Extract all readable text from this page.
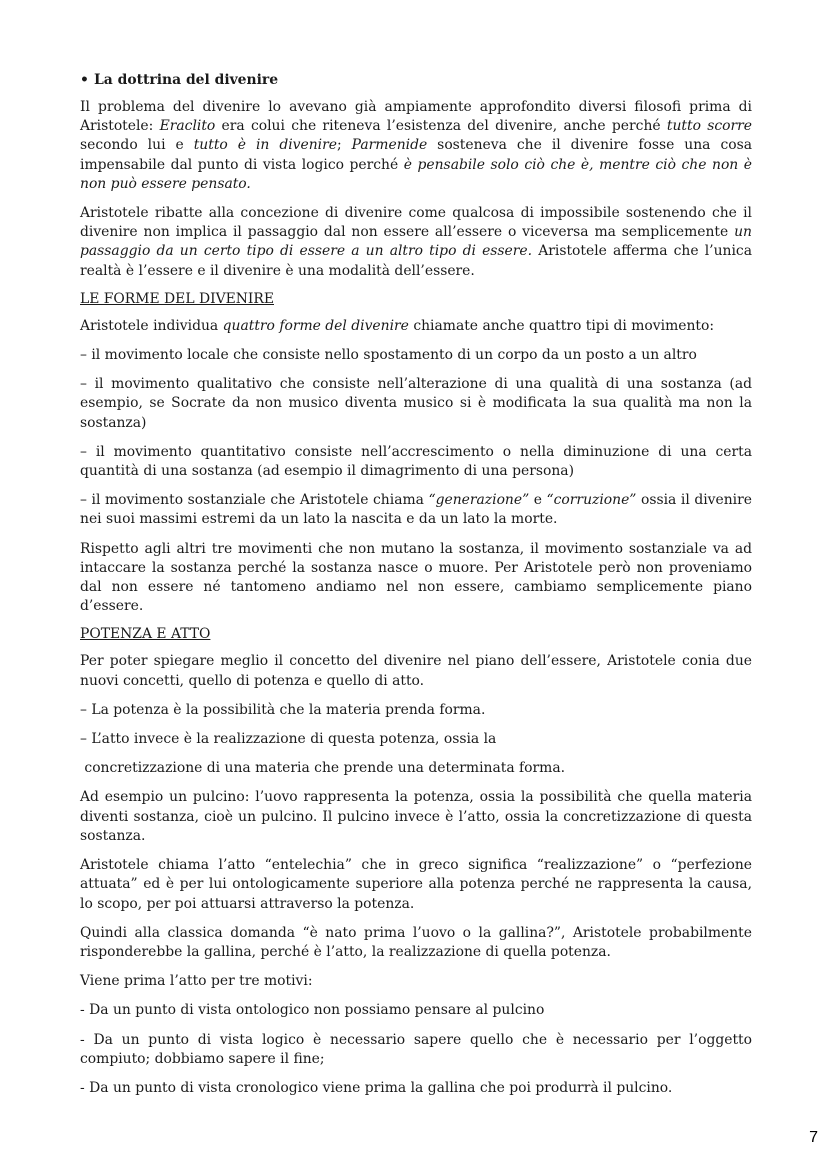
• La dottrina del divenire

Il problema del divenire lo avevano già ampiamente approfondito diversi filosofi prima di Aristotele: Eraclito era colui che riteneva l’esistenza del divenire, anche perché tutto scorre secondo lui e tutto è in divenire; Parmenide sosteneva che il divenire fosse una cosa impensabile dal punto di vista logico perché è pensabile solo ciò che è, mentre ciò che non è non può essere pensato.

Aristotele ribatte alla concezione di divenire come qualcosa di impossibile sostenendo che il divenire non implica il passaggio dal non essere all’essere o viceversa ma semplicemente un passaggio da un certo tipo di essere a un altro tipo di essere. Aristotele afferma che l’unica realtà è l’essere e il divenire è una modalità dell’essere.

LE FORME DEL DIVENIRE

Aristotele individua quattro forme del divenire chiamate anche quattro tipi di movimento:

– il movimento locale che consiste nello spostamento di un corpo da un posto a un altro

– il movimento qualitativo che consiste nell’alterazione di una qualità di una sostanza (ad esempio, se Socrate da non musico diventa musico si è modificata la sua qualità ma non la sostanza)

– il movimento quantitativo consiste nell’accrescimento o nella diminuzione di una certa quantità di una sostanza (ad esempio il dimagrimento di una persona)

– il movimento sostanziale che Aristotele chiama “generazione” e “corruzione” ossia il divenire nei suoi massimi estremi da un lato la nascita e da un lato la morte.

Rispetto agli altri tre movimenti che non mutano la sostanza, il movimento sostanziale va ad intaccare la sostanza perché la sostanza nasce o muore. Per Aristotele però non proveniamo dal non essere né tantomeno andiamo nel non essere, cambiamo semplicemente piano d’essere.

POTENZA E ATTO

Per poter spiegare meglio il concetto del divenire nel piano dell’essere, Aristotele conia due nuovi concetti, quello di potenza e quello di atto.

– La potenza è la possibilità che la materia prenda forma.

– L’atto invece è la realizzazione di questa potenza, ossia la

concretizzazione di una materia che prende una determinata forma.

Ad esempio un pulcino: l’uovo rappresenta la potenza, ossia la possibilità che quella materia diventi sostanza, cioè un pulcino. Il pulcino invece è l’atto, ossia la concretizzazione di questa sostanza.

Aristotele chiama l’atto “entelechia” che in greco significa “realizzazione” o “perfezione attuata” ed è per lui ontologicamente superiore alla potenza perché ne rappresenta la causa, lo scopo, per poi attuarsi attraverso la potenza.

Quindi alla classica domanda “è nato prima l’uovo o la gallina?”, Aristotele probabilmente risponderebbe la gallina, perché è l’atto, la realizzazione di quella potenza.

Viene prima l’atto per tre motivi:

- Da un punto di vista ontologico non possiamo pensare al pulcino

- Da un punto di vista logico è necessario sapere quello che è necessario per l’oggetto compiuto; dobbiamo sapere il fine;

- Da un punto di vista cronologico viene prima la gallina che poi produrrà il pulcino.

7
